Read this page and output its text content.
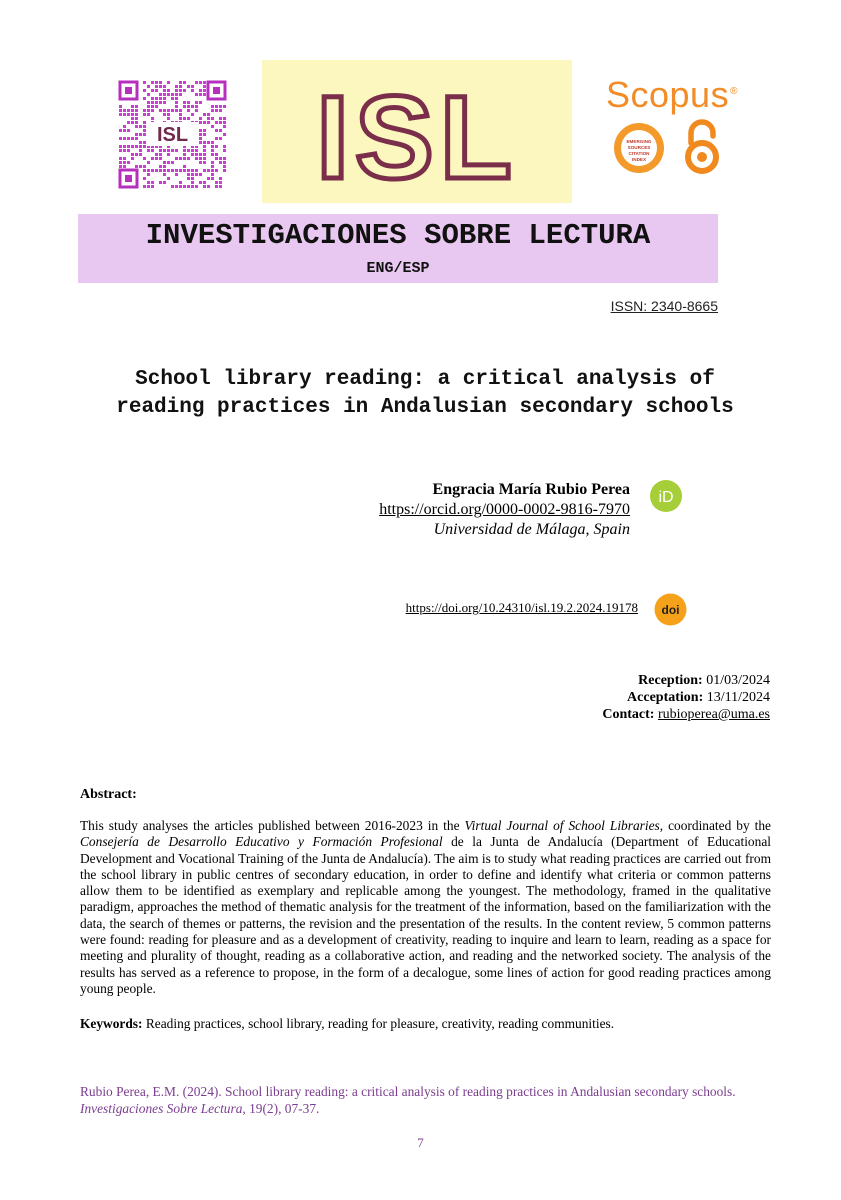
ISL ISL Scopus®
EMERGING
SOURCES
CITATION
INDEX
INVESTIGACIONES SOBRE LECTURA
ENG/ESP
ISSN: 2340-8665
School library reading: a critical analysis of
reading practices in Andalusian secondary schools
Engracia María Rubio Perea
https://orcid.org/0000-0002-9816-7970
Universidad de Málaga, Spain
iD
https://doi.org/10.24310/isl.19.2.2024.19178 doi
Reception: 01/03/2024
Acceptation: 13/11/2024
Contact: rubioperea@uma.es
Abstract:
This study analyses the articles published between 2016-2023 in the Virtual Journal of School Libraries, coordinated by the Consejería de Desarrollo Educativo y Formación Profesional de la Junta de Andalucía (Department of Educational Development and Vocational Training of the Junta de Andalucía). The aim is to study what reading practices are carried out from the school library in public centres of secondary education, in order to define and identify what criteria or common patterns allow them to be identified as exemplary and replicable among the youngest. The methodology, framed in the qualitative paradigm, approaches the method of thematic analysis for the treatment of the information, based on the familiarization with the data, the search of themes or patterns, the revision and the presentation of the results. In the content review, 5 common patterns were found: reading for pleasure and as a development of creativity, reading to inquire and learn to learn, reading as a space for meeting and plurality of thought, reading as a collaborative action, and reading and the networked society. The analysis of the results has served as a reference to propose, in the form of a decalogue, some lines of action for good reading practices among young people.
Keywords: Reading practices, school library, reading for pleasure, creativity, reading communities.
Rubio Perea, E.M. (2024). School library reading: a critical analysis of reading practices in Andalusian secondary schools. Investigaciones Sobre Lectura, 19(2), 07-37.
7
